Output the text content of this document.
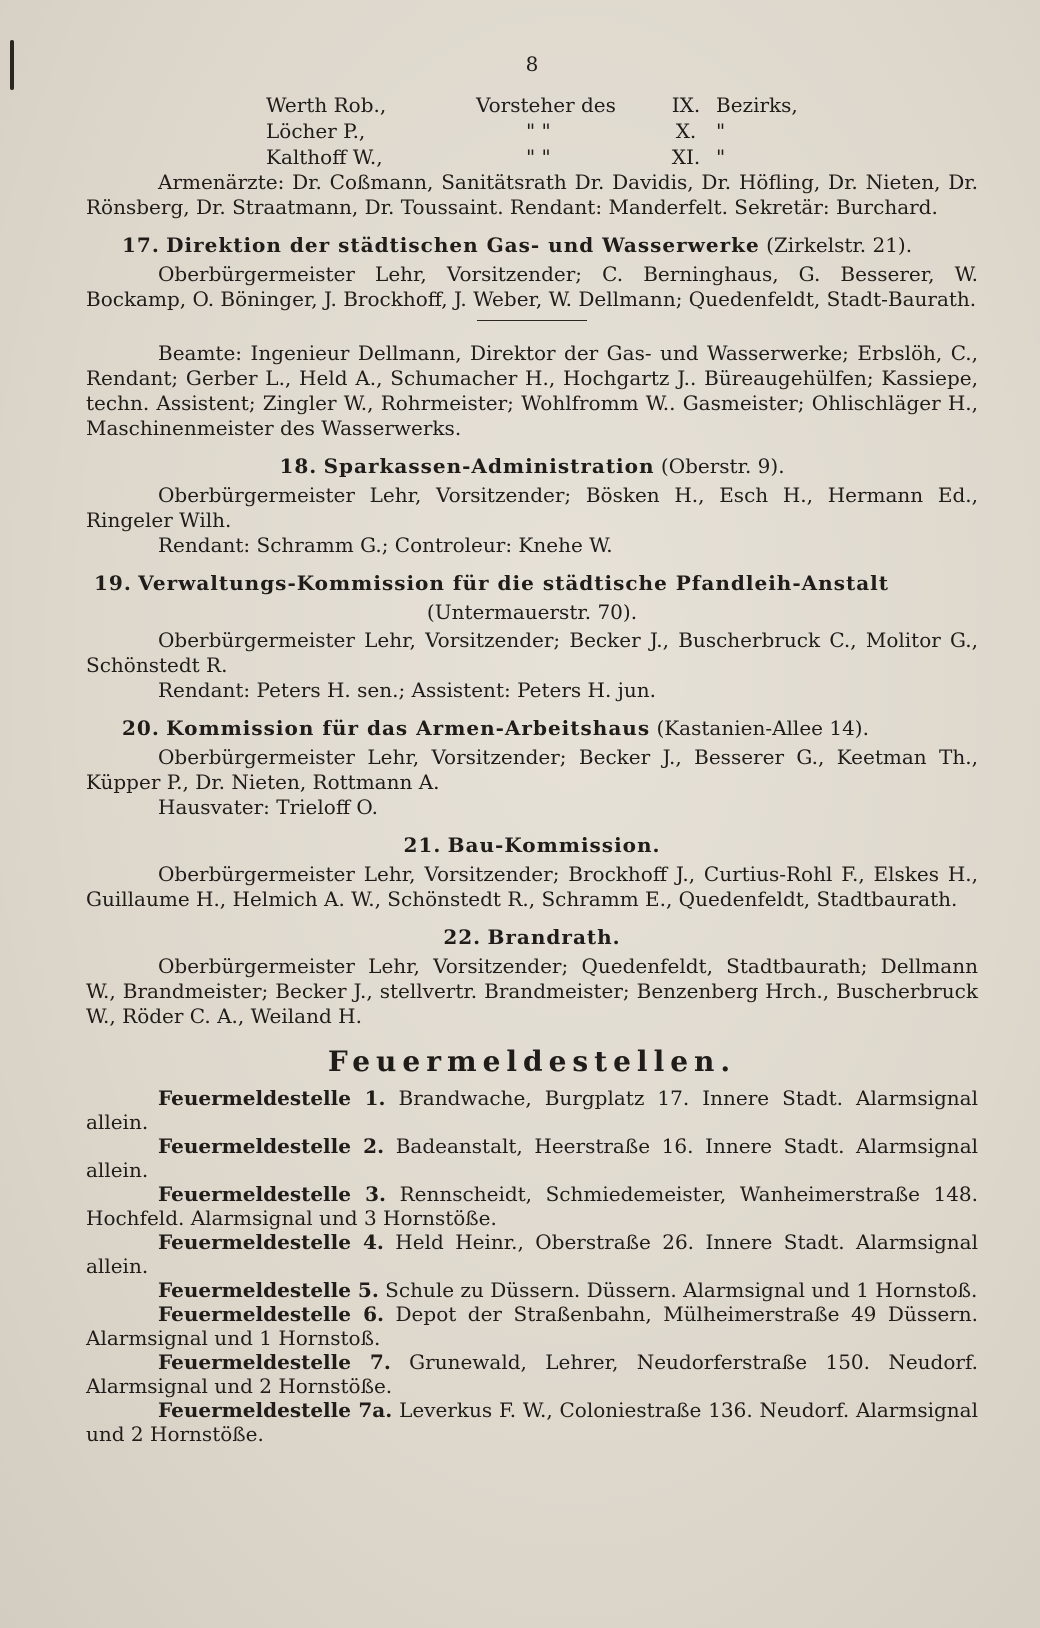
8
Werth Rob.,	Vorsteher des	IX. Bezirks,
Löcher P.,	" "	X. "
Kalthoff W.,	" "	XI. "

Armenärzte: Dr. Coßmann, Sanitätsrath Dr. Davidis, Dr. Höfling, Dr. Nieten, Dr. Rönsberg, Dr. Straatmann, Dr. Toussaint. Rendant: Manderfelt. Sekretär: Burchard.

17. Direktion der städtischen Gas- und Wasserwerke (Zirkelstr. 21).

Oberbürgermeister Lehr, Vorsitzender; C. Berninghaus, G. Besserer, W. Bockamp, O. Böninger, J. Brockhoff, J. Weber, W. Dellmann; Quedenfeldt, Stadt-Baurath.

Beamte: Ingenieur Dellmann, Direktor der Gas- und Wasserwerke; Erbslöh, C., Rendant; Gerber L., Held A., Schumacher H., Hochgartz J.. Büreaugehülfen; Kassiepe, techn. Assistent; Zingler W., Rohrmeister; Wohlfromm W.. Gasmeister; Ohlischläger H., Maschinenmeister des Wasserwerks.

18. Sparkassen-Administration (Oberstr. 9).

Oberbürgermeister Lehr, Vorsitzender; Bösken H., Esch H., Hermann Ed., Ringeler Wilh.

Rendant: Schramm G.; Controleur: Knehe W.

19. Verwaltungs-Kommission für die städtische Pfandleih-Anstalt
(Untermauerstr. 70).

Oberbürgermeister Lehr, Vorsitzender; Becker J., Buscherbruck C., Molitor G., Schönstedt R.

Rendant: Peters H. sen.; Assistent: Peters H. jun.

20. Kommission für das Armen-Arbeitshaus (Kastanien-Allee 14).

Oberbürgermeister Lehr, Vorsitzender; Becker J., Besserer G., Keetman Th., Küpper P., Dr. Nieten, Rottmann A.

Hausvater: Trieloff O.

21. Bau-Kommission.

Oberbürgermeister Lehr, Vorsitzender; Brockhoff J., Curtius-Rohl F., Elskes H., Guillaume H., Helmich A. W., Schönstedt R., Schramm E., Quedenfeldt, Stadtbaurath.

22. Brandrath.

Oberbürgermeister Lehr, Vorsitzender; Quedenfeldt, Stadtbaurath; Dellmann W., Brandmeister; Becker J., stellvertr. Brandmeister; Benzenberg Hrch., Buscherbruck W., Röder C. A., Weiland H.

Feuermeldestellen.

Feuermeldestelle 1. Brandwache, Burgplatz 17. Innere Stadt. Alarmsignal allein.

Feuermeldestelle 2. Badeanstalt, Heerstraße 16. Innere Stadt. Alarmsignal allein.

Feuermeldestelle 3. Rennscheidt, Schmiedemeister, Wanheimerstraße 148. Hochfeld. Alarmsignal und 3 Hornstöße.

Feuermeldestelle 4. Held Heinr., Oberstraße 26. Innere Stadt. Alarmsignal allein.

Feuermeldestelle 5. Schule zu Düssern. Düssern. Alarmsignal und 1 Hornstoß.

Feuermeldestelle 6. Depot der Straßenbahn, Mülheimerstraße 49 Düssern. Alarmsignal und 1 Hornstoß.

Feuermeldestelle 7. Grunewald, Lehrer, Neudorferstraße 150. Neudorf. Alarmsignal und 2 Hornstöße.

Feuermeldestelle 7a. Leverkus F. W., Coloniestraße 136. Neudorf. Alarmsignal und 2 Hornstöße.
